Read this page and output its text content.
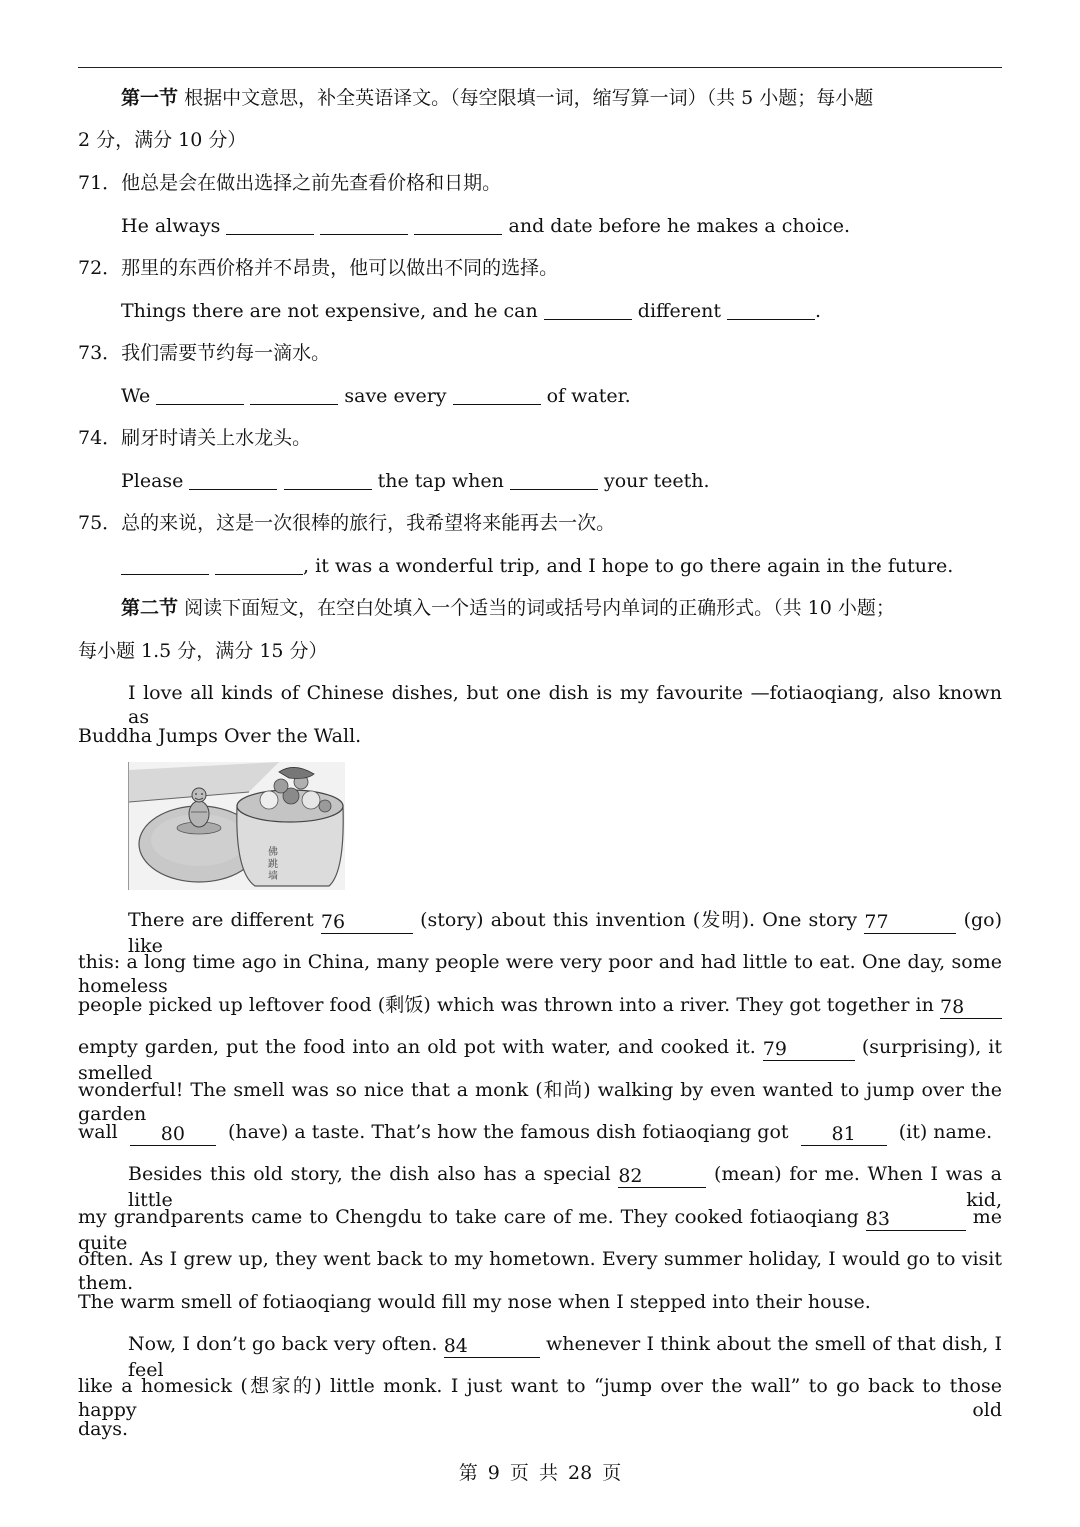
第一节 根据中文意思，补全英语译文。（每空限填一词，缩写算一词）（共 5 小题；每小题
2 分，满分 10 分）
71．他总是会在做出选择之前先查看价格和日期。
He always	and date before he makes a choice.
72．那里的东西价格并不昂贵，他可以做出不同的选择。
Things there are not expensive, and he can	different	.
73．我们需要节约每一滴水。
We	save every	of water.
74．刷牙时请关上水龙头。
Please	the tap when	your teeth.
75．总的来说，这是一次很棒的旅行，我希望将来能再去一次。
, it was a wonderful trip, and I hope to go there again in the future.
第二节 阅读下面短文，在空白处填入一个适当的词或括号内单词的正确形式。（共 10 小题；
每小题 1.5 分，满分 15 分）
I love all kinds of Chinese dishes, but one dish is my favourite —fotiaoqiang, also known as
Buddha Jumps Over the Wall.
佛跳墙
There are different 76	(story) about this invention (发明). One story 77	(go) like
this: a long time ago in China, many people were very poor and had little to eat. One day, some homeless
people picked up leftover food (剩饭) which was thrown into a river. They got together in 78
empty garden, put the food into an old pot with water, and cooked it. 79	(surprising), it smelled
wonderful! The smell was so nice that a monk (和尚) walking by even wanted to jump over the garden
wall 80 (have) a taste. That’s how the famous dish fotiaoqiang got 81 (it) name.
Besides this old story, the dish also has a special 82	(mean) for me. When I was a little kid,
my grandparents came to Chengdu to take care of me. They cooked fotiaoqiang 83	me quite
often. As I grew up, they went back to my hometown. Every summer holiday, I would go to visit them.
The warm smell of fotiaoqiang would fill my nose when I stepped into their house.
Now, I don’t go back very often. 84	whenever I think about the smell of that dish, I feel
like a homesick (想家的) little monk. I just want to “jump over the wall” to go back to those happy old
days.
第 9 页 共 28 页
